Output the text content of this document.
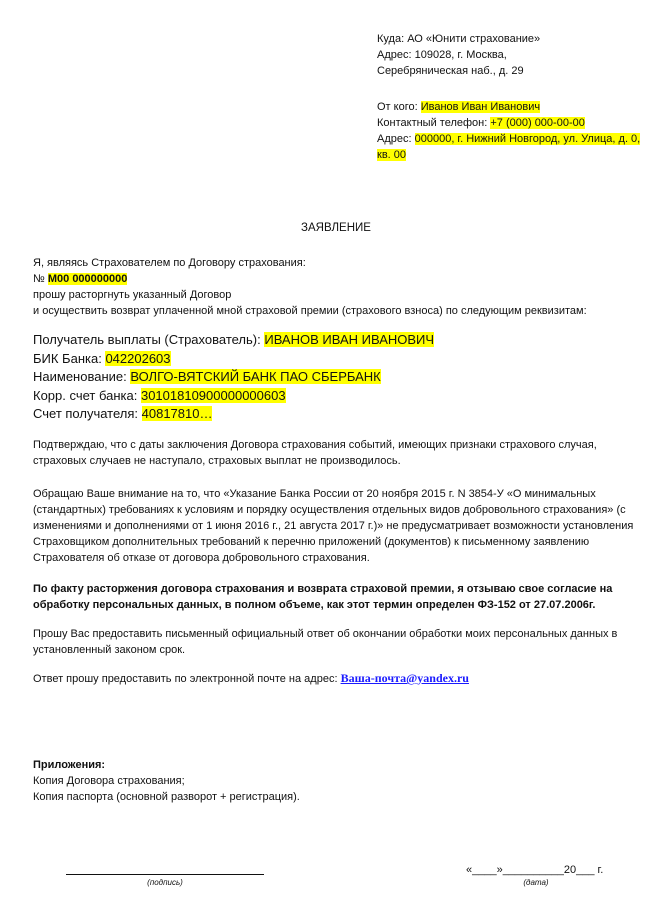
Куда: АО «Юнити страхование»
Адрес: 109028, г. Москва,
Серебряническая наб., д. 29
От кого: Иванов Иван Иванович
Контактный телефон: +7 (000) 000-00-00
Адрес: 000000, г. Нижний Новгород, ул. Улица, д. 0,
кв. 00
ЗАЯВЛЕНИЕ
Я, являясь Страхователем по Договору страхования:
№ М00 000000000
прошу расторгнуть указанный Договор
и осуществить возврат уплаченной мной страховой премии (страхового взноса) по следующим реквизитам:
Получатель выплаты (Страхователь): ИВАНОВ ИВАН ИВАНОВИЧ
БИК Банка: 042202603
Наименование: ВОЛГО-ВЯТСКИЙ БАНК ПАО СБЕРБАНК
Корр. счет банка: 30101810900000000603
Счет получателя: 40817810…
Подтверждаю, что с даты заключения Договора страхования событий, имеющих признаки страхового случая, страховых случаев не наступало, страховых выплат не производилось.
Обращаю Ваше внимание на то, что «Указание Банка России от 20 ноября 2015 г. N 3854-У «О минимальных (стандартных) требованиях к условиям и порядку осуществления отдельных видов добровольного страхования» (с изменениями и дополнениями от 1 июня 2016 г., 21 августа 2017 г.)» не предусматривает возможности установления Страховщиком дополнительных требований к перечню приложений (документов) к письменному заявлению Страхователя об отказе от договора добровольного страхования.
По факту расторжения договора страхования и возврата страховой премии, я отзываю свое согласие на обработку персональных данных, в полном объеме, как этот термин определен ФЗ-152 от 27.07.2006г.
Прошу Вас предоставить письменный официальный ответ об окончании обработки моих персональных данных в установленный законом срок.
Ответ прошу предоставить по электронной почте на адрес: Ваша-почта@yandex.ru
Приложения:
Копия Договора страхования;
Копия паспорта (основной разворот + регистрация).
(подпись)
«____»__________20___ г.
(дата)
